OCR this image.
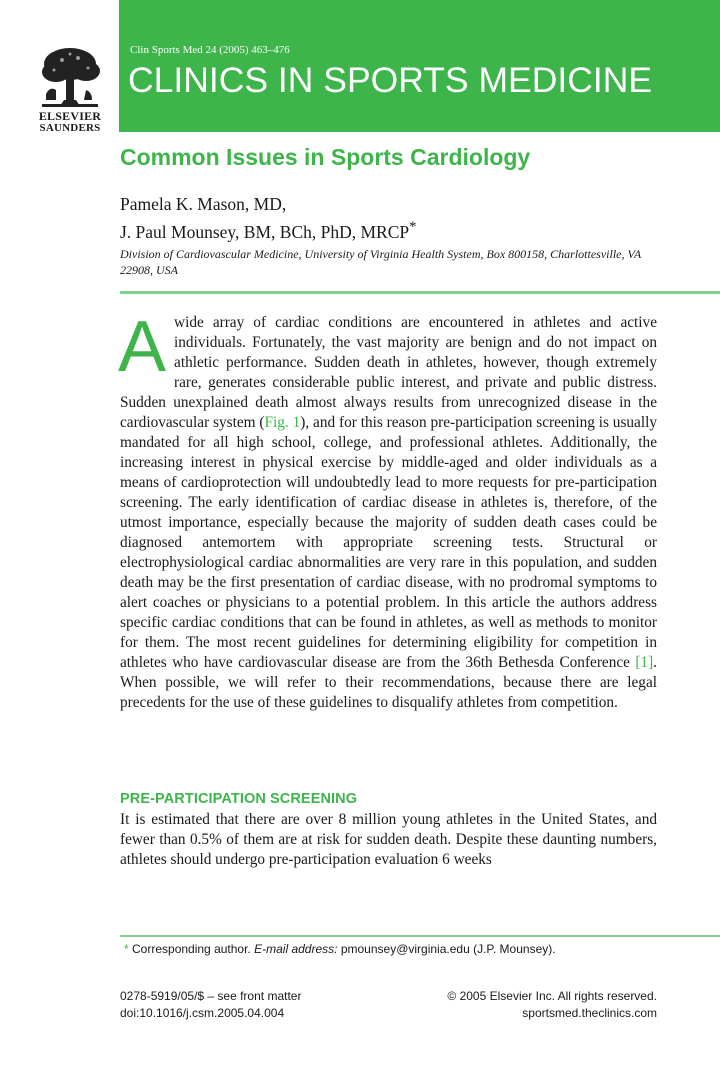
ELSEVIER
SAUNDERS
Clin Sports Med 24 (2005) 463–476
CLINICS IN SPORTS MEDICINE
Common Issues in Sports Cardiology
Pamela K. Mason, MD,
J. Paul Mounsey, BM, BCh, PhD, MRCP*
Division of Cardiovascular Medicine, University of Virginia Health System, Box 800158, Charlottesville, VA 22908, USA
Awide array of cardiac conditions are encountered in athletes and active individuals. Fortunately, the vast majority are benign and do not impact on athletic performance. Sudden death in athletes, however, though extremely rare, generates considerable public interest, and private and public distress. Sudden unexplained death almost always results from unrecognized disease in the cardiovascular system (Fig. 1), and for this reason pre-participation screening is usually mandated for all high school, college, and professional athletes. Additionally, the increasing interest in physical exercise by middle-aged and older individuals as a means of cardioprotection will undoubtedly lead to more requests for pre-participation screening. The early identification of cardiac disease in athletes is, therefore, of the utmost importance, especially because the majority of sudden death cases could be diagnosed antemortem with appropriate screening tests. Structural or electrophysiological cardiac abnormalities are very rare in this population, and sudden death may be the first presentation of cardiac disease, with no prodromal symptoms to alert coaches or physicians to a potential problem. In this article the authors address specific cardiac conditions that can be found in athletes, as well as methods to monitor for them. The most recent guidelines for determining eligibility for competition in athletes who have cardiovascular disease are from the 36th Bethesda Conference [1]. When possible, we will refer to their recommendations, because there are legal precedents for the use of these guidelines to disqualify athletes from competition.
PRE-PARTICIPATION SCREENING
It is estimated that there are over 8 million young athletes in the United States, and fewer than 0.5% of them are at risk for sudden death. Despite these daunting numbers, athletes should undergo pre-participation evaluation 6 weeks
* Corresponding author. E-mail address: pmounsey@virginia.edu (J.P. Mounsey).
0278-5919/05/$ – see front matter
doi:10.1016/j.csm.2005.04.004
© 2005 Elsevier Inc. All rights reserved.
sportsmed.theclinics.com
